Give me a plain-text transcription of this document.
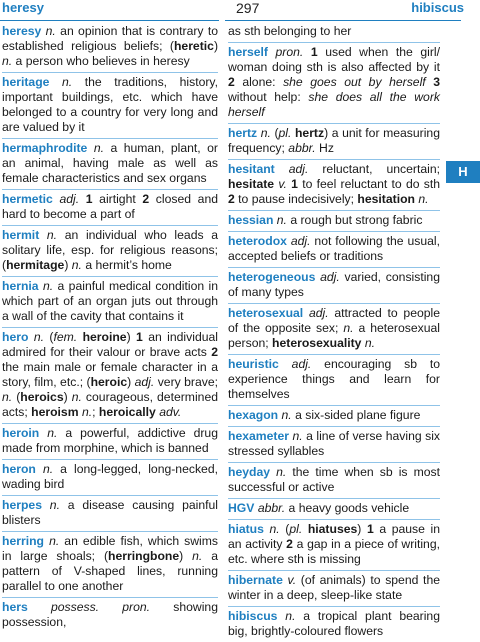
heresy	297	hibiscus
heresy n. an opinion that is contrary to established religious beliefs; (heretic) n. a person who believes in heresy
heritage n. the traditions, history, important buildings, etc. which have belonged to a country for very long and are valued by it
hermaphrodite n. a human, plant, or an animal, having male as well as female characteristics and sex organs
hermetic adj. 1 airtight 2 closed and hard to become a part of
hermit n. an individual who leads a solitary life, esp. for religious reasons; (hermitage) n. a hermit’s home
hernia n. a painful medical condition in which part of an organ juts out through a wall of the cavity that contains it
hero n. (fem. heroine) 1 an individual admired for their valour or brave acts 2 the main male or female character in a story, film, etc.; (heroic) adj. very brave; n. (heroics) n. courageous, determined acts; heroism n.; heroically adv.
heroin n. a powerful, addictive drug made from morphine, which is banned
heron n. a long-legged, long-necked, wading bird
herpes n. a disease causing painful blisters
herring n. an edible fish, which swims in large shoals; (herringbone) n. a pattern of V-shaped lines, running parallel to one another
hers possess. pron. showing possession,
as sth belonging to her
herself pron. 1 used when the girl/ woman doing sth is also affected by it 2 alone: she goes out by herself 3 without help: she does all the work herself
hertz n. (pl. hertz) a unit for measuring frequency; abbr. Hz
hesitant adj. reluctant, uncertain; hesitate v. 1 to feel reluctant to do sth 2 to pause indecisively; hesitation n.
hessian n. a rough but strong fabric
heterodox adj. not following the usual, accepted beliefs or traditions
heterogeneous adj. varied, consisting of many types
heterosexual adj. attracted to people of the opposite sex; n. a heterosexual person; heterosexuality n.
heuristic adj. encouraging sb to experience things and learn for themselves
hexagon n. a six-sided plane figure
hexameter n. a line of verse having six stressed syllables
heyday n. the time when sb is most successful or active
HGV abbr. a heavy goods vehicle
hiatus n. (pl. hiatuses) 1 a pause in an activity 2 a gap in a piece of writing, etc. where sth is missing
hibernate v. (of animals) to spend the winter in a deep, sleep-like state
hibiscus n. a tropical plant bearing big, brightly-coloured flowers
H
